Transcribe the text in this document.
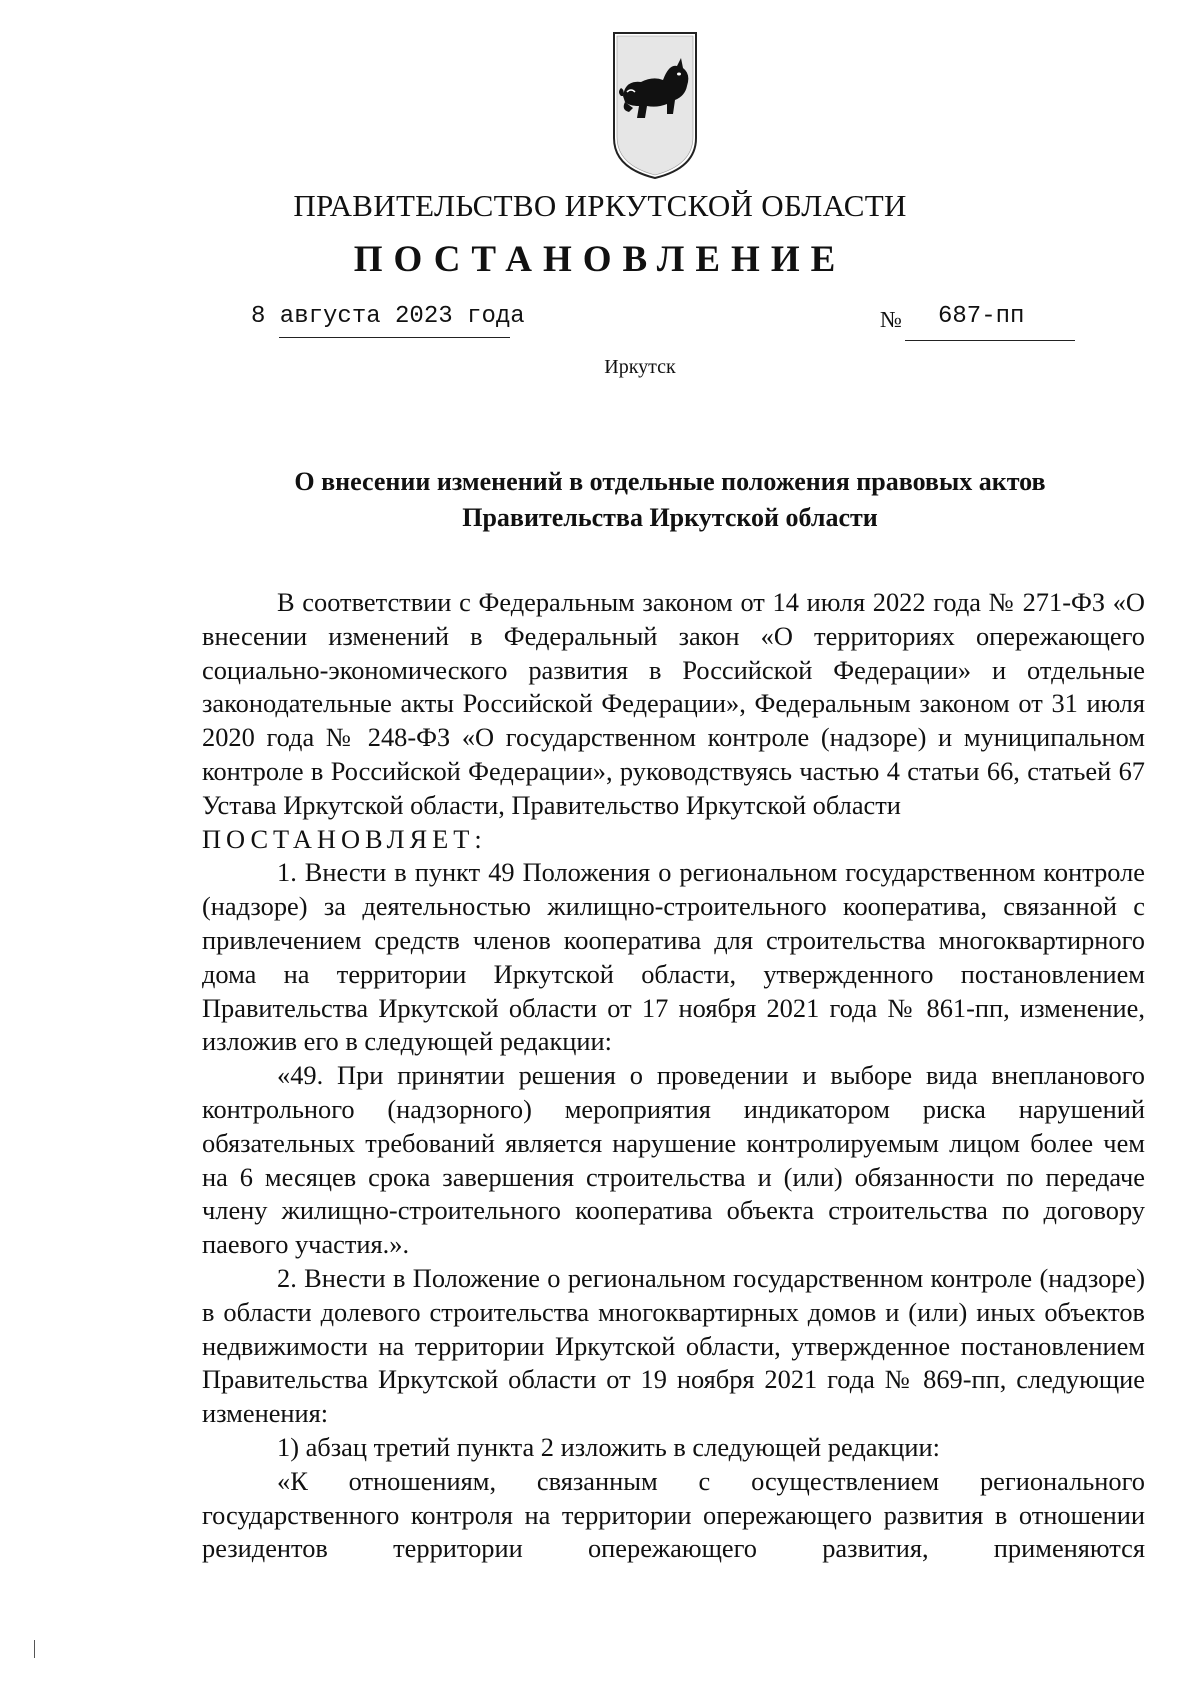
ПРАВИТЕЛЬСТВО ИРКУТСКОЙ ОБЛАСТИ
ПОСТАНОВЛЕНИЕ
8 августа 2023 года	№ 687-пп
Иркутск
О внесении изменений в отдельные положения правовых актов
Правительства Иркутской области

В соответствии с Федеральным законом от 14 июля 2022 года № 271-ФЗ «О внесении изменений в Федеральный закон «О территориях опережающего социально-экономического развития в Российской Федерации» и отдельные законодательные акты Российской Федерации», Федеральным законом от 31 июля 2020 года № 248-ФЗ «О государственном контроле (надзоре) и муниципальном контроле в Российской Федерации», руководствуясь частью 4 статьи 66, статьей 67 Устава Иркутской области, Правительство Иркутской области

ПОСТАНОВЛЯЕТ:

1. Внести в пункт 49 Положения о региональном государственном контроле (надзоре) за деятельностью жилищно-строительного кооператива, связанной с привлечением средств членов кооператива для строительства многоквартирного дома на территории Иркутской области, утвержденного постановлением Правительства Иркутской области от 17 ноября 2021 года № 861-пп, изменение, изложив его в следующей редакции:

«49. При принятии решения о проведении и выборе вида внепланового контрольного (надзорного) мероприятия индикатором риска нарушений обязательных требований является нарушение контролируемым лицом более чем на 6 месяцев срока завершения строительства и (или) обязанности по передаче члену жилищно-строительного кооператива объекта строительства по договору паевого участия.».

2. Внести в Положение о региональном государственном контроле (надзоре) в области долевого строительства многоквартирных домов и (или) иных объектов недвижимости на территории Иркутской области, утвержденное постановлением Правительства Иркутской области от 19 ноября 2021 года № 869-пп, следующие изменения:

1) абзац третий пункта 2 изложить в следующей редакции:

«К отношениям, связанным с осуществлением регионального государственного контроля на территории опережающего развития в отношении резидентов территории опережающего развития, применяются
